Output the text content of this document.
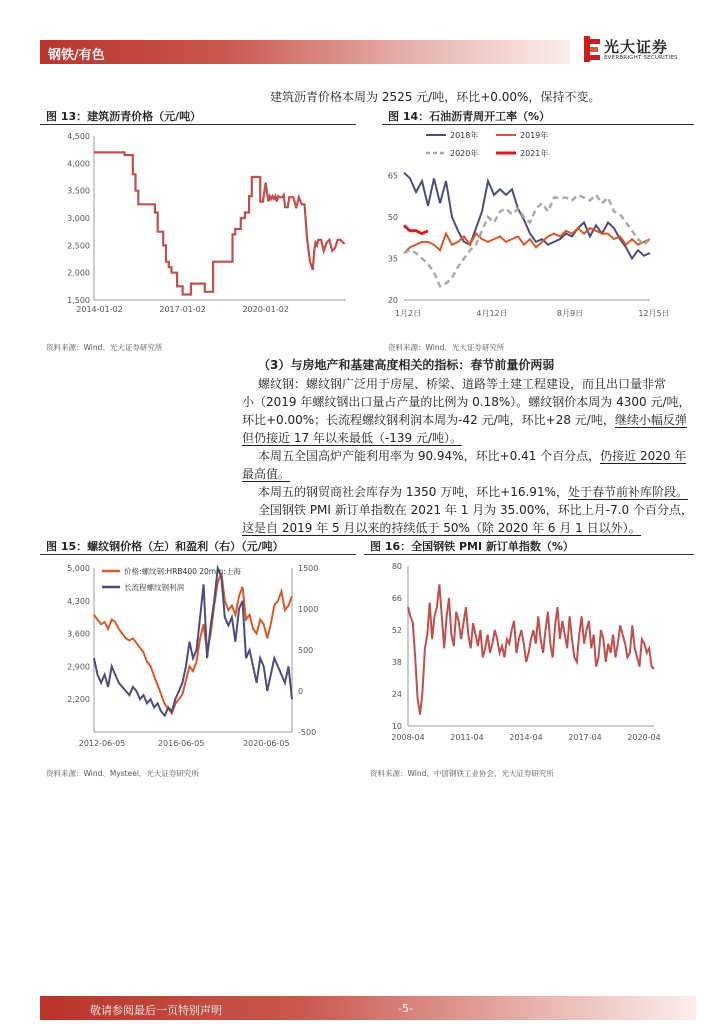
钢铁/有色	光大证券
EVERBRIGHT SECURITIES
建筑沥青价格本周为 2525 元/吨，环比+0.00%，保持不变。
图 13：建筑沥青价格（元/吨）
1,500
2,000
2,500
3,000
3,500
4,000
4,500
2014-01-02	2017-01-02	2020-01-02
资料来源：Wind、光大证券研究所
图 14：石油沥青周开工率（%）
20
35
50
65
1月2日	4月12日	8月9日	12月5日
2018年	2019年
2020年	2021年
资料来源：Wind、光大证券研究所
（3）与房地产和基建高度相关的指标：春节前量价两弱
螺纹钢：螺纹钢广泛用于房屋、桥梁、道路等土建工程建设，而且出口量非常
小（2019 年螺纹钢出口量占产量的比例为 0.18%）。螺纹钢价本周为 4300 元/吨，
环比+0.00%；长流程螺纹钢利润本周为-42 元/吨，环比+28 元/吨，继续小幅反弹
但仍接近 17 年以来最低（-139 元/吨）。
本周五全国高炉产能利用率为 90.94%，环比+0.41 个百分点，仍接近 2020 年
最高值。
本周五的钢贸商社会库存为 1350 万吨，环比+16.91%，处于春节前补库阶段。
全国钢铁 PMI 新订单指数在 2021 年 1 月为 35.00%，环比上月-7.0 个百分点，
这是自 2019 年 5 月以来的持续低于 50%（除 2020 年 6 月 1 日以外）。
图 15：螺纹钢价格（左）和盈利（右）（元/吨）
2,200
2,900
3,600
4,300
5,000
-500
0
500
1000
1500
2012-06-05	2016-06-05	2020-06-05
价格:螺纹钢:HRB400 20mm:上海
长流程螺纹钢利润
资料来源：Wind、Mysteel、光大证券研究所
图 16：全国钢铁 PMI 新订单指数（%）
10
24
38
52
66
80
2008-04	2011-04	2014-04	2017-04	2020-04
资料来源：Wind、中国钢铁工业协会、光大证券研究所
敬请参阅最后一页特别声明	-5-
